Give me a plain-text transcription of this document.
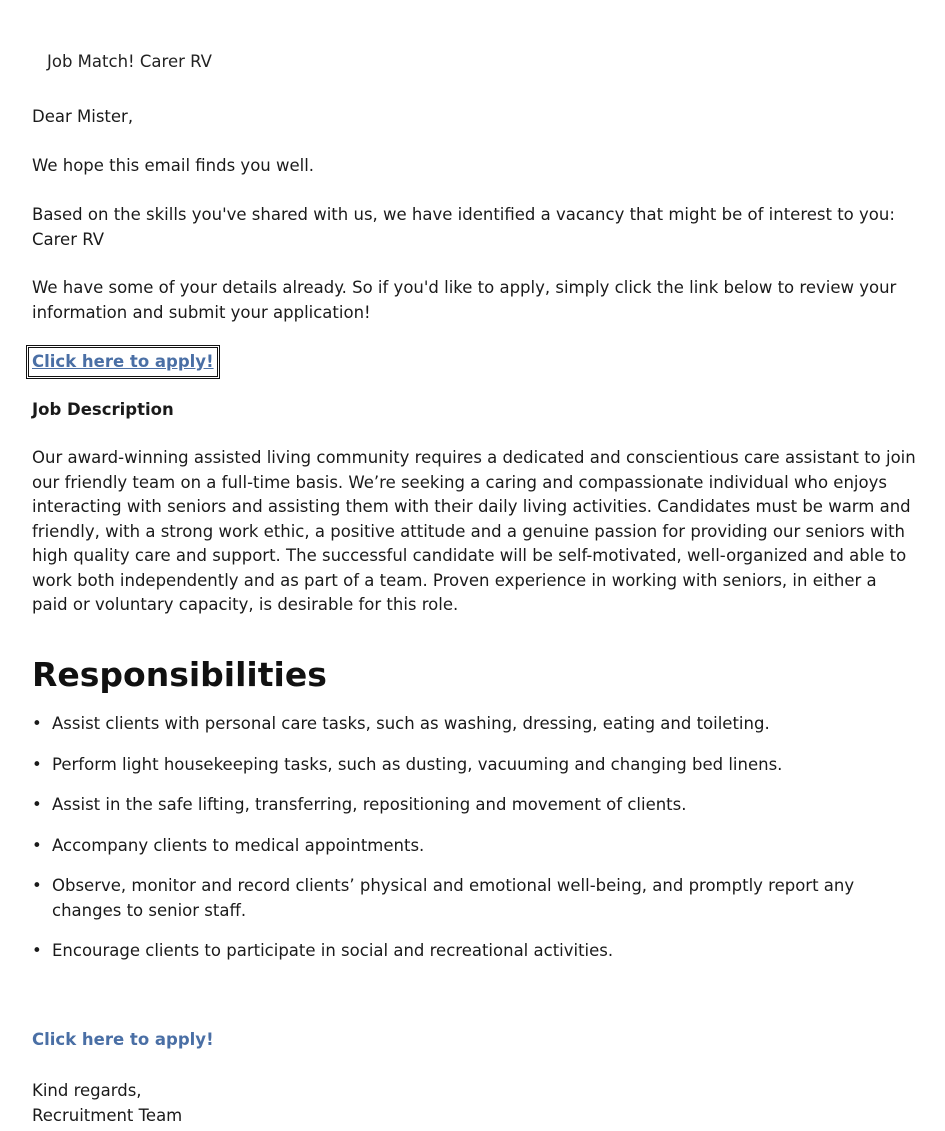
Job Match! Carer RV
Dear Mister,
We hope this email finds you well.
Based on the skills you've shared with us, we have identified a vacancy that might be of interest to you: Carer RV
We have some of your details already. So if you'd like to apply, simply click the link below to review your information and submit your application!
Click here to apply!
Job Description
Our award-winning assisted living community requires a dedicated and conscientious care assistant to join our friendly team on a full-time basis. We’re seeking a caring and compassionate individual who enjoys interacting with seniors and assisting them with their daily living activities. Candidates must be warm and friendly, with a strong work ethic, a positive attitude and a genuine passion for providing our seniors with high quality care and support. The successful candidate will be self-motivated, well-organized and able to work both independently and as part of a team. Proven experience in working with seniors, in either a paid or voluntary capacity, is desirable for this role.
Responsibilities
• Assist clients with personal care tasks, such as washing, dressing, eating and toileting.
• Perform light housekeeping tasks, such as dusting, vacuuming and changing bed linens.
• Assist in the safe lifting, transferring, repositioning and movement of clients.
• Accompany clients to medical appointments.
• Observe, monitor and record clients’ physical and emotional well-being, and promptly report any changes to senior staff.
• Encourage clients to participate in social and recreational activities.
Click here to apply!
Kind regards,
Recruitment Team
